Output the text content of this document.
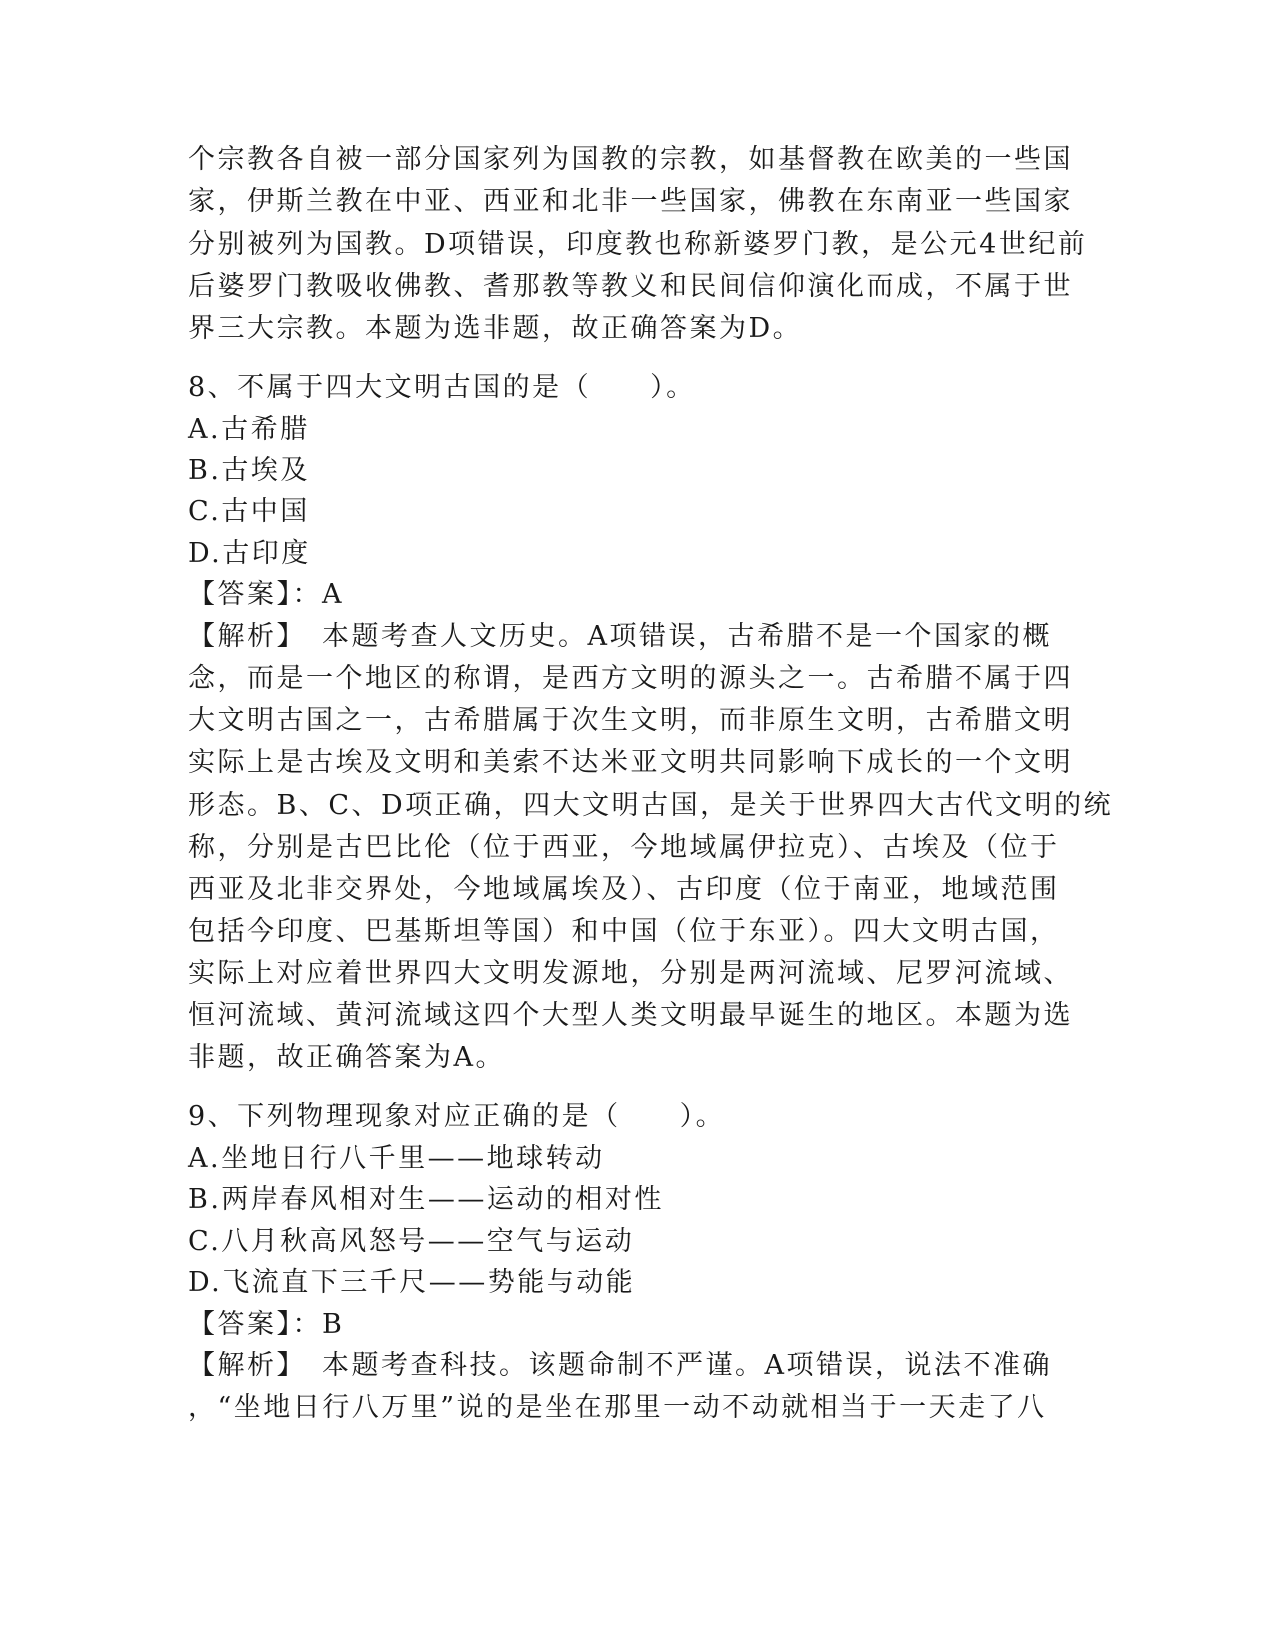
个宗教各自被一部分国家列为国教的宗教，如基督教在欧美的一些国
家，伊斯兰教在中亚、西亚和北非一些国家，佛教在东南亚一些国家
分别被列为国教。D项错误，印度教也称新婆罗门教，是公元4世纪前
后婆罗门教吸收佛教、耆那教等教义和民间信仰演化而成，不属于世
界三大宗教。本题为选非题，故正确答案为D。
8、不属于四大文明古国的是（　　）。
A.古希腊
B.古埃及
C.古中国
D.古印度
【答案】：A
【解析】　本题考查人文历史。A项错误，古希腊不是一个国家的概
念，而是一个地区的称谓，是西方文明的源头之一。古希腊不属于四
大文明古国之一，古希腊属于次生文明，而非原生文明，古希腊文明
实际上是古埃及文明和美索不达米亚文明共同影响下成长的一个文明
形态。B、C、D项正确，四大文明古国，是关于世界四大古代文明的统
称，分别是古巴比伦（位于西亚，今地域属伊拉克）、古埃及（位于
西亚及北非交界处，今地域属埃及）、古印度（位于南亚，地域范围
包括今印度、巴基斯坦等国）和中国（位于东亚）。四大文明古国，
实际上对应着世界四大文明发源地，分别是两河流域、尼罗河流域、
恒河流域、黄河流域这四个大型人类文明最早诞生的地区。本题为选
非题，故正确答案为A。
9、下列物理现象对应正确的是（　　）。
A.坐地日行八千里——地球转动
B.两岸春风相对生——运动的相对性
C.八月秋高风怒号——空气与运动
D.飞流直下三千尺——势能与动能
【答案】：B
【解析】　本题考查科技。该题命制不严谨。A项错误，说法不准确
，“坐地日行八万里”说的是坐在那里一动不动就相当于一天走了八
